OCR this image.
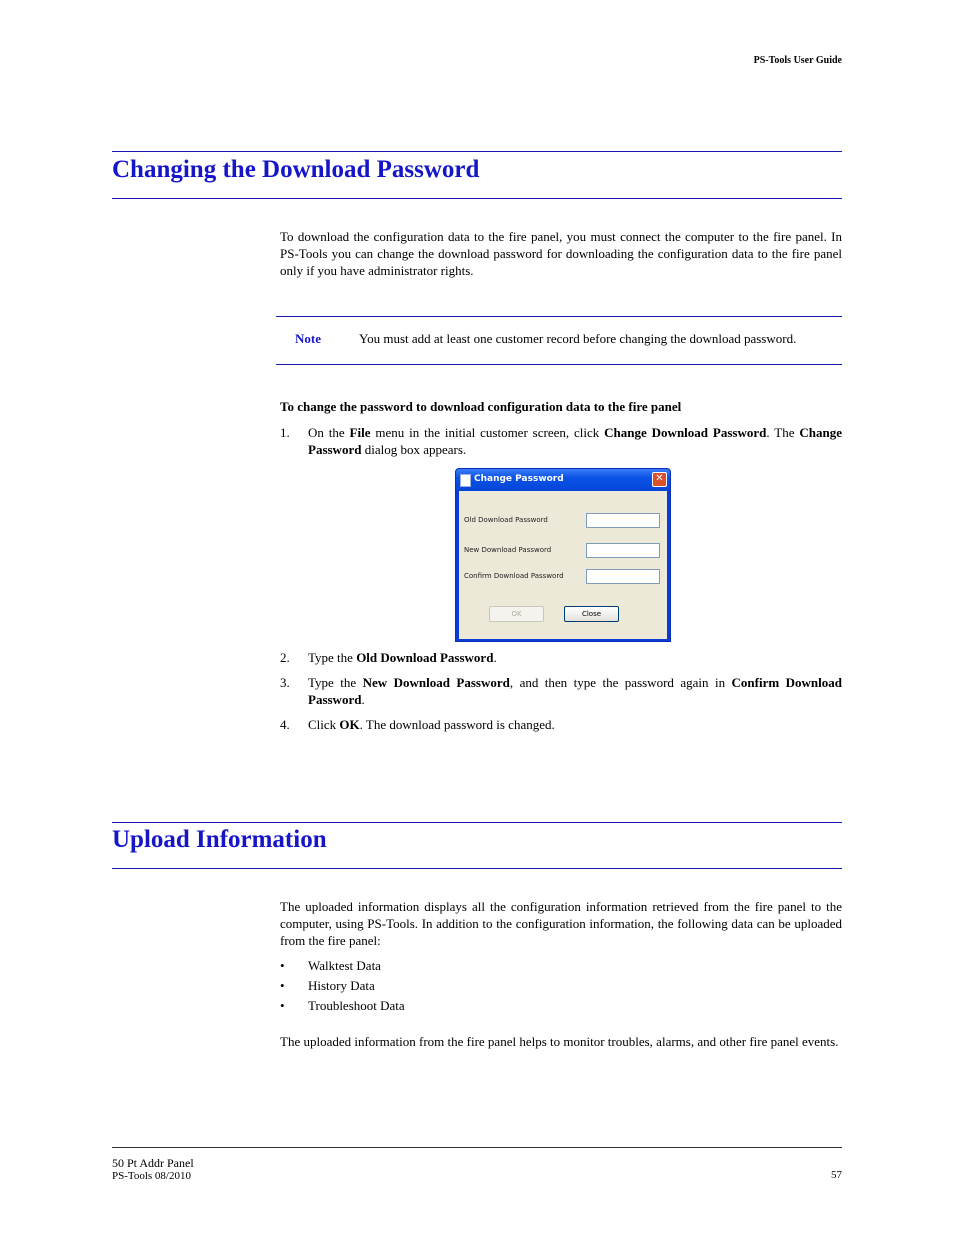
PS-Tools User Guide
Changing the Download Password
To download the configuration data to the fire panel, you must connect the computer to the fire panel. In PS-Tools you can change the download password for downloading the configuration data to the fire panel only if you have administrator rights.
Note	You must add at least one customer record before changing the download password.
To change the password to download configuration data to the fire panel
1. On the File menu in the initial customer screen, click Change Download Password. The Change Password dialog box appears.
Change Password	✕
Old Download Password
New Download Password
Confirm Download Password
OK	Close
2. Type the Old Download Password.
3. Type the New Download Password, and then type the password again in Confirm Download Password.
4. Click OK. The download password is changed.
Upload Information
The uploaded information displays all the configuration information retrieved from the fire panel to the computer, using PS-Tools. In addition to the configuration information, the following data can be uploaded from the fire panel:
• Walktest Data
• History Data
• Troubleshoot Data
The uploaded information from the fire panel helps to monitor troubles, alarms, and other fire panel events.
50 Pt Addr Panel
PS-Tools 08/2010	57
